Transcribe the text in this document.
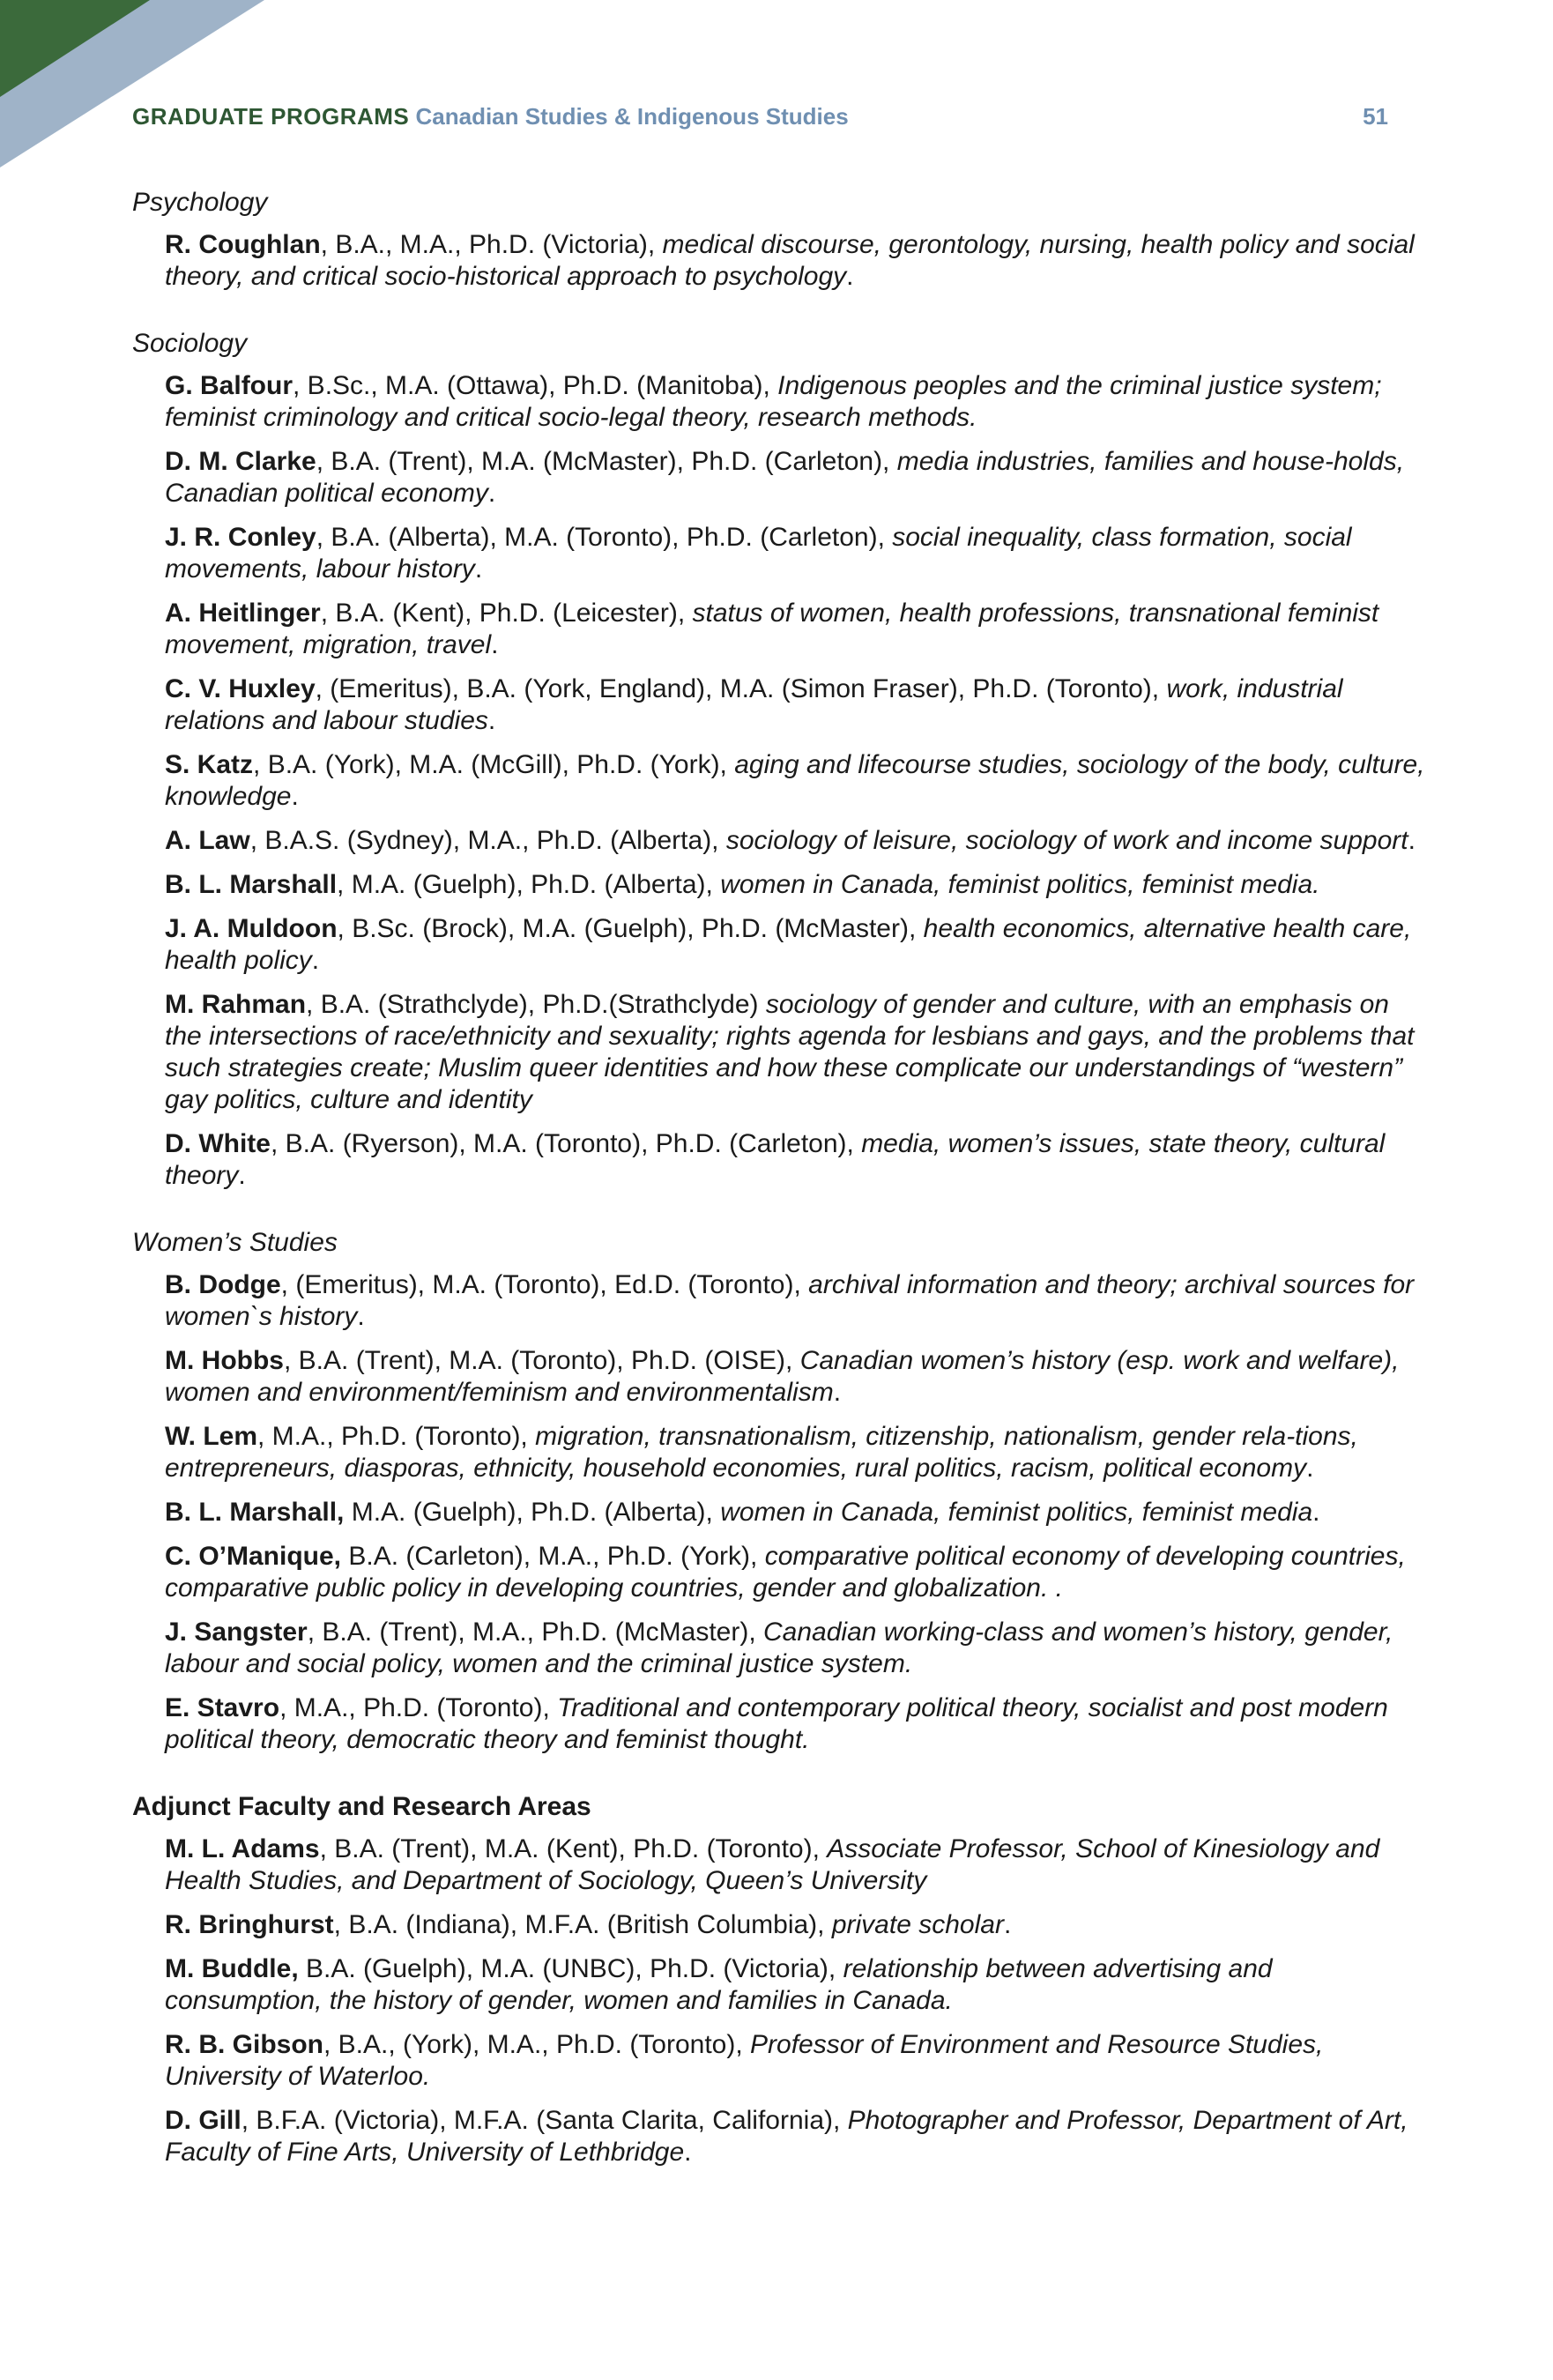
GRADUATE PROGRAMS Canadian Studies & Indigenous Studies	51
Psychology
R. Coughlan, B.A., M.A., Ph.D. (Victoria), medical discourse, gerontology, nursing, health policy and social theory, and critical socio-historical approach to psychology.
Sociology
G. Balfour, B.Sc., M.A. (Ottawa), Ph.D. (Manitoba), Indigenous peoples and the criminal justice system; feminist criminology and critical socio-legal theory, research methods.
D. M. Clarke, B.A. (Trent), M.A. (McMaster), Ph.D. (Carleton), media industries, families and house-holds, Canadian political economy.
J. R. Conley, B.A. (Alberta), M.A. (Toronto), Ph.D. (Carleton), social inequality, class formation, social movements, labour history.
A. Heitlinger, B.A. (Kent), Ph.D. (Leicester), status of women, health professions, transnational feminist movement, migration, travel.
C. V. Huxley, (Emeritus), B.A. (York, England), M.A. (Simon Fraser), Ph.D. (Toronto), work, industrial relations and labour studies.
S. Katz, B.A. (York), M.A. (McGill), Ph.D. (York), aging and lifecourse studies, sociology of the body, culture, knowledge.
A. Law, B.A.S. (Sydney), M.A., Ph.D. (Alberta), sociology of leisure, sociology of work and income support.
B. L. Marshall, M.A. (Guelph), Ph.D. (Alberta), women in Canada, feminist politics, feminist media.
J. A. Muldoon, B.Sc. (Brock), M.A. (Guelph), Ph.D. (McMaster), health economics, alternative health care, health policy.
M. Rahman, B.A. (Strathclyde), Ph.D.(Strathclyde) sociology of gender and culture, with an emphasis on the intersections of race/ethnicity and sexuality; rights agenda for lesbians and gays, and the problems that such strategies create; Muslim queer identities and how these complicate our understandings of “western” gay politics, culture and identity
D. White, B.A. (Ryerson), M.A. (Toronto), Ph.D. (Carleton), media, women’s issues, state theory, cultural theory.
Women’s Studies
B. Dodge, (Emeritus), M.A. (Toronto), Ed.D. (Toronto), archival information and theory; archival sources for women`s history.
M. Hobbs, B.A. (Trent), M.A. (Toronto), Ph.D. (OISE), Canadian women’s history (esp. work and welfare), women and environment/feminism and environmentalism.
W. Lem, M.A., Ph.D. (Toronto), migration, transnationalism, citizenship, nationalism, gender rela-tions, entrepreneurs, diasporas, ethnicity, household economies, rural politics, racism, political economy.
B. L. Marshall, M.A. (Guelph), Ph.D. (Alberta), women in Canada, feminist politics, feminist media.
C. O’Manique, B.A. (Carleton), M.A., Ph.D. (York), comparative political economy of developing countries, comparative public policy in developing countries, gender and globalization. .
J. Sangster, B.A. (Trent), M.A., Ph.D. (McMaster), Canadian working-class and women’s history, gender, labour and social policy, women and the criminal justice system.
E. Stavro, M.A., Ph.D. (Toronto), Traditional and contemporary political theory, socialist and post modern political theory, democratic theory and feminist thought.
Adjunct Faculty and Research Areas
M. L. Adams, B.A. (Trent), M.A. (Kent), Ph.D. (Toronto), Associate Professor, School of Kinesiology and Health Studies, and Department of Sociology, Queen’s University
R. Bringhurst, B.A. (Indiana), M.F.A. (British Columbia), private scholar.
M. Buddle, B.A. (Guelph), M.A. (UNBC), Ph.D. (Victoria), relationship between advertising and consumption, the history of gender, women and families in Canada.
R. B. Gibson, B.A., (York), M.A., Ph.D. (Toronto), Professor of Environment and Resource Studies, University of Waterloo.
D. Gill, B.F.A. (Victoria), M.F.A. (Santa Clarita, California), Photographer and Professor, Department of Art, Faculty of Fine Arts, University of Lethbridge.
